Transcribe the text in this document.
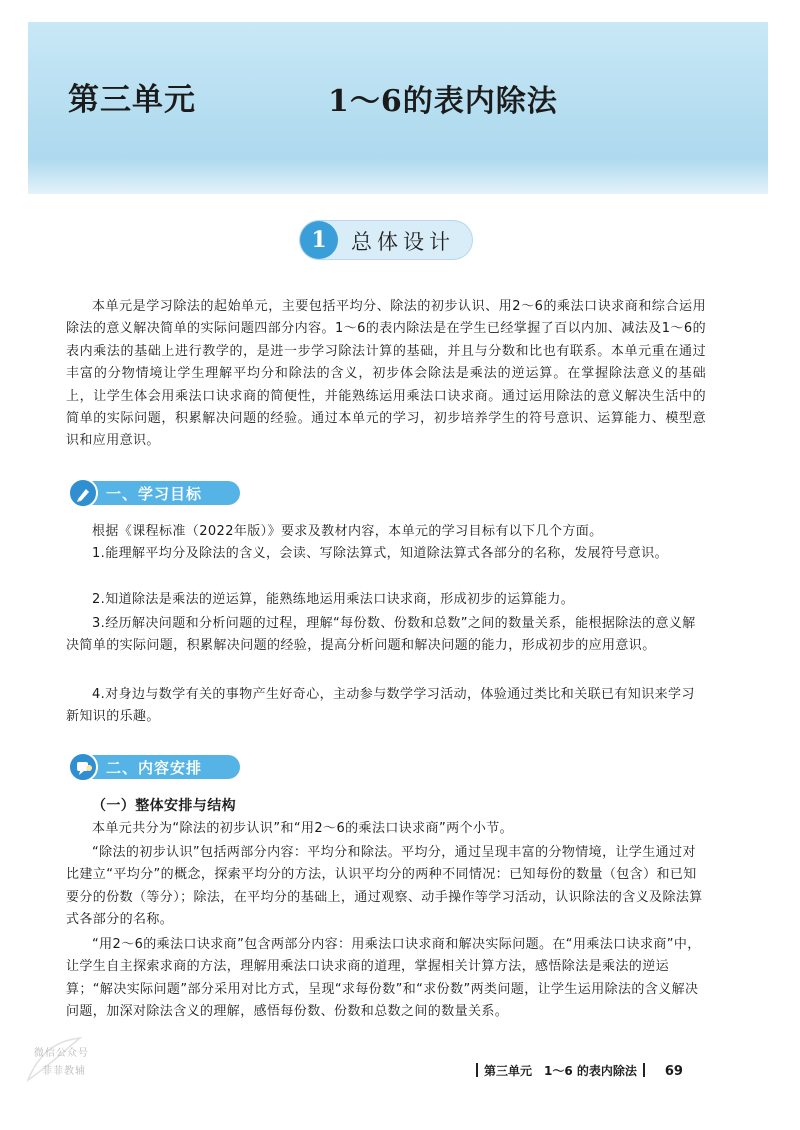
第三单元	1～6的表内除法
1	总体设计

本单元是学习除法的起始单元，主要包括平均分、除法的初步认识、用2～6的乘法口诀求商和综合运用除法的意义解决简单的实际问题四部分内容。1～6的表内除法是在学生已经掌握了百以内加、减法及1～6的表内乘法的基础上进行教学的，是进一步学习除法计算的基础，并且与分数和比也有联系。本单元重在通过丰富的分物情境让学生理解平均分和除法的含义，初步体会除法是乘法的逆运算。在掌握除法意义的基础上，让学生体会用乘法口诀求商的简便性，并能熟练运用乘法口诀求商。通过运用除法的意义解决生活中的简单的实际问题，积累解决问题的经验。通过本单元的学习，初步培养学生的符号意识、运算能力、模型意识和应用意识。

一、学习目标

根据《课程标准（2022年版）》要求及教材内容，本单元的学习目标有以下几个方面。

1.能理解平均分及除法的含义，会读、写除法算式，知道除法算式各部分的名称，发展符号意识。

2.知道除法是乘法的逆运算，能熟练地运用乘法口诀求商，形成初步的运算能力。

3.经历解决问题和分析问题的过程，理解“每份数、份数和总数”之间的数量关系，能根据除法的意义解决简单的实际问题，积累解决问题的经验，提高分析问题和解决问题的能力，形成初步的应用意识。

4.对身边与数学有关的事物产生好奇心，主动参与数学学习活动，体验通过类比和关联已有知识来学习新知识的乐趣。

二、内容安排

（一）整体安排与结构

本单元共分为“除法的初步认识”和“用2～6的乘法口诀求商”两个小节。

“除法的初步认识”包括两部分内容：平均分和除法。平均分，通过呈现丰富的分物情境，让学生通过对比建立“平均分”的概念，探索平均分的方法，认识平均分的两种不同情况：已知每份的数量（包含）和已知要分的份数（等分）；除法，在平均分的基础上，通过观察、动手操作等学习活动，认识除法的含义及除法算式各部分的名称。

“用2～6的乘法口诀求商”包含两部分内容：用乘法口诀求商和解决实际问题。在“用乘法口诀求商”中，让学生自主探索求商的方法，理解用乘法口诀求商的道理，掌握相关计算方法，感悟除法是乘法的逆运算；“解决实际问题”部分采用对比方式，呈现“求每份数”和“求份数”两类问题，让学生运用除法的含义解决问题，加深对除法含义的理解，感悟每份数、份数和总数之间的数量关系。

微信公众号
菲菲教辅	第三单元　1～6 的表内除法 69
